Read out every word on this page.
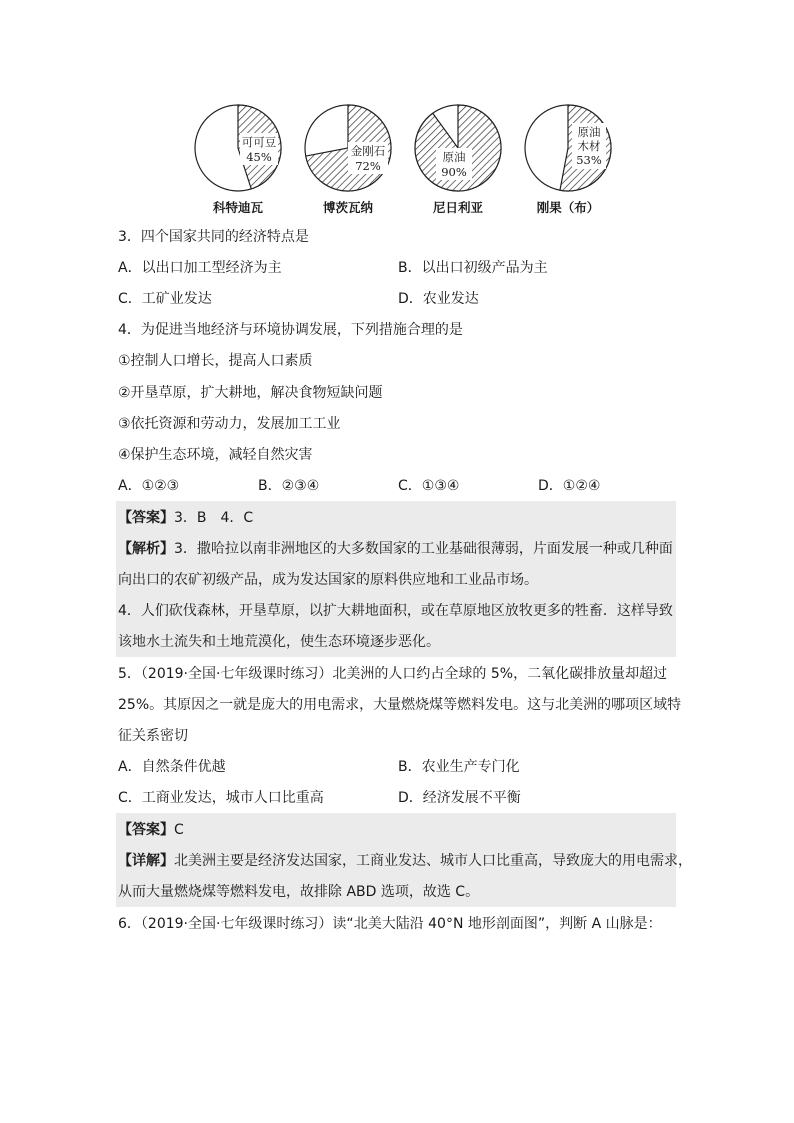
可可豆
45%
科特迪瓦
金刚石
72%
博茨瓦纳
原油
90%
尼日利亚
原油
木材
53%
刚果（布）
3．四个国家共同的经济特点是
A．以出口加工型经济为主	B．以出口初级产品为主
C．工矿业发达	D．农业发达
4．为促进当地经济与环境协调发展，下列措施合理的是
①控制人口增长，提高人口素质
②开垦草原，扩大耕地，解决食物短缺问题
③依托资源和劳动力，发展加工工业
④保护生态环境，减轻自然灾害
A．①②③	B．②③④	C．①③④	D．①②④
【答案】3．B　4．C
【解析】3．撒哈拉以南非洲地区的大多数国家的工业基础很薄弱，片面发展一种或几种面
向出口的农矿初级产品，成为发达国家的原料供应地和工业品市场。
4．人们砍伐森林，开垦草原，以扩大耕地面积，或在草原地区放牧更多的牲畜．这样导致
该地水土流失和土地荒漠化，使生态环境逐步恶化。
5．（2019·全国·七年级课时练习）北美洲的人口约占全球的 5%，二氧化碳排放量却超过
25%。其原因之一就是庞大的用电需求，大量燃烧煤等燃料发电。这与北美洲的哪项区域特
征关系密切
A．自然条件优越	B．农业生产专门化
C．工商业发达，城市人口比重高	D．经济发展不平衡
【答案】C
【详解】北美洲主要是经济发达国家，工商业发达、城市人口比重高，导致庞大的用电需求，
从而大量燃烧煤等燃料发电，故排除 ABD 选项，故选 C。
6．（2019·全国·七年级课时练习）读“北美大陆沿 40°N 地形剖面图”，判断 A 山脉是：
